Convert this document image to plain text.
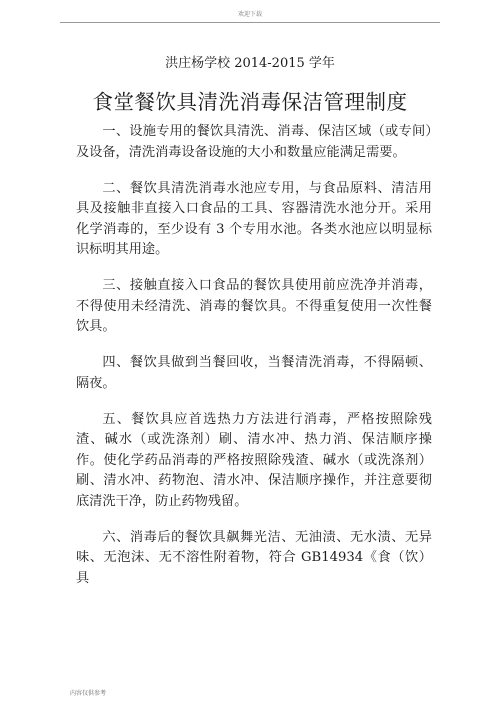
欢迎下载
洪庄杨学校 2014-2015 学年
食堂餐饮具清洗消毒保洁管理制度

一、设施专用的餐饮具清洗、消毒、保洁区域（或专间）及设备，清洗消毒设备设施的大小和数量应能满足需要。

二、餐饮具清洗消毒水池应专用，与食品原料、清洁用具及接触非直接入口食品的工具、容器清洗水池分开。采用化学消毒的，至少设有 3 个专用水池。各类水池应以明显标识标明其用途。

三、接触直接入口食品的餐饮具使用前应洗净并消毒，不得使用未经清洗、消毒的餐饮具。不得重复使用一次性餐饮具。

四、餐饮具做到当餐回收，当餐清洗消毒，不得隔顿、隔夜。

五、餐饮具应首选热力方法进行消毒，严格按照除残渣、碱水（或洗涤剂）刷、清水冲、热力消、保洁顺序操作。使化学药品消毒的严格按照除残渣、碱水（或洗涤剂）刷、清水冲、药物泡、清水冲、保洁顺序操作，并注意要彻底清洗干净，防止药物残留。

六、消毒后的餐饮具飙舞光洁、无油渍、无水渍、无异味、无泡沫、无不溶性附着物，符合 GB14934《食（饮）具

内容仅供参考
